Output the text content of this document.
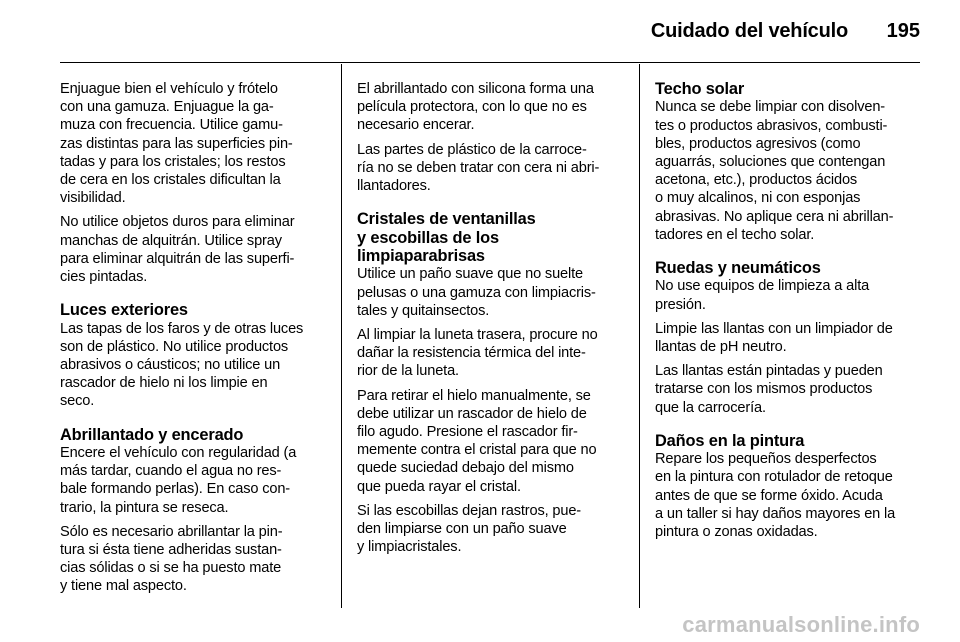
Cuidado del vehículo 195
Enjuague bien el vehículo y frótelo
con una gamuza. Enjuague la ga-
muza con frecuencia. Utilice gamu-
zas distintas para las superficies pin-
tadas y para los cristales; los restos
de cera en los cristales dificultan la
visibilidad.
No utilice objetos duros para eliminar
manchas de alquitrán. Utilice spray
para eliminar alquitrán de las superfi-
cies pintadas.
Luces exteriores
Las tapas de los faros y de otras luces
son de plástico. No utilice productos
abrasivos o cáusticos; no utilice un
rascador de hielo ni los limpie en
seco.
Abrillantado y encerado
Encere el vehículo con regularidad (a
más tardar, cuando el agua no res-
bale formando perlas). En caso con-
trario, la pintura se reseca.
Sólo es necesario abrillantar la pin-
tura si ésta tiene adheridas sustan-
cias sólidas o si se ha puesto mate
y tiene mal aspecto.
El abrillantado con silicona forma una
película protectora, con lo que no es
necesario encerar.
Las partes de plástico de la carroce-
ría no se deben tratar con cera ni abri-
llantadores.
Cristales de ventanillas
y escobillas de los
limpiaparabrisas
Utilice un paño suave que no suelte
pelusas o una gamuza con limpiacris-
tales y quitainsectos.
Al limpiar la luneta trasera, procure no
dañar la resistencia térmica del inte-
rior de la luneta.
Para retirar el hielo manualmente, se
debe utilizar un rascador de hielo de
filo agudo. Presione el rascador fir-
memente contra el cristal para que no
quede suciedad debajo del mismo
que pueda rayar el cristal.
Si las escobillas dejan rastros, pue-
den limpiarse con un paño suave
y limpiacristales.
Techo solar
Nunca se debe limpiar con disolven-
tes o productos abrasivos, combusti-
bles, productos agresivos (como
aguarrás, soluciones que contengan
acetona, etc.), productos ácidos
o muy alcalinos, ni con esponjas
abrasivas. No aplique cera ni abrillan-
tadores en el techo solar.
Ruedas y neumáticos
No use equipos de limpieza a alta
presión.
Limpie las llantas con un limpiador de
llantas de pH neutro.
Las llantas están pintadas y pueden
tratarse con los mismos productos
que la carrocería.
Daños en la pintura
Repare los pequeños desperfectos
en la pintura con rotulador de retoque
antes de que se forme óxido. Acuda
a un taller si hay daños mayores en la
pintura o zonas oxidadas.
carmanualsonline.info
